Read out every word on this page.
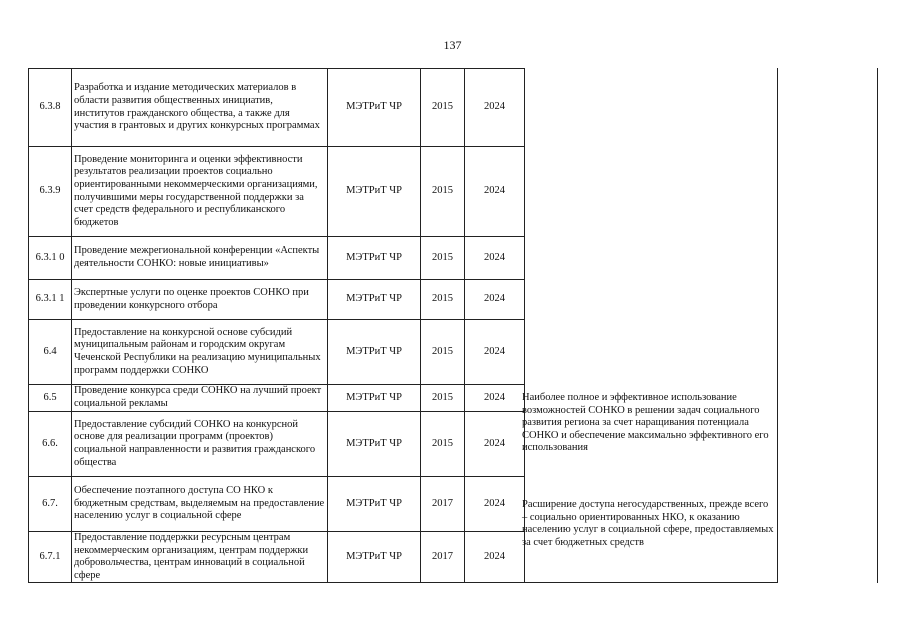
137
6.3.8	Разработка и издание методических материалов в области развития общественных инициатив, институтов гражданского общества, а также для участия в грантовых и других конкурсных программах	МЭТРиТ ЧР	2015	2024
6.3.9	Проведение мониторинга и оценки эффективности результатов реализации проектов социально ориентированными некоммерческими организациями, получившими меры государственной поддержки за счет средств федерального и республиканского бюджетов	МЭТРиТ ЧР	2015	2024
6.3.1 0	Проведение межрегиональной конференции «Аспекты деятельности СОНКО: новые инициативы»	МЭТРиТ ЧР	2015	2024
6.3.1 1	Экспертные услуги по оценке проектов СОНКО при проведении конкурсного отбора	МЭТРиТ ЧР	2015	2024
6.4	Предоставление на конкурсной основе субсидий муниципальным районам и городским округам Чеченской Республики на реализацию муниципальных программ поддержки СОНКО	МЭТРиТ ЧР	2015	2024
6.5	Проведение конкурса среди СОНКО на лучший проект социальной рекламы	МЭТРиТ ЧР	2015	2024
6.6.	Предоставление субсидий СОНКО на конкурсной основе для реализации программ (проектов) социальной направленности и развития гражданского общества	МЭТРиТ ЧР	2015	2024
6.7.	Обеспечение поэтапного доступа СО НКО к бюджетным средствам, выделяемым на предоставление населению услуг в социальной сфере	МЭТРиТ ЧР	2017	2024
6.7.1	Предоставление поддержки ресурсным центрам некоммерческим организациям, центрам поддержки добровольчества, центрам инноваций в социальной сфере	МЭТРиТ ЧР	2017	2024
Наиболее полное и эффективное использование возможностей СОНКО в решении задач социального развития региона за счет наращивания потенциала СОНКО и обеспечение максимально эффективного его использования
Расширение доступа негосударственных, прежде всего – социально ориентированных НКО, к оказанию населению услуг в социальной сфере, предоставляемых за счет бюджетных средств
